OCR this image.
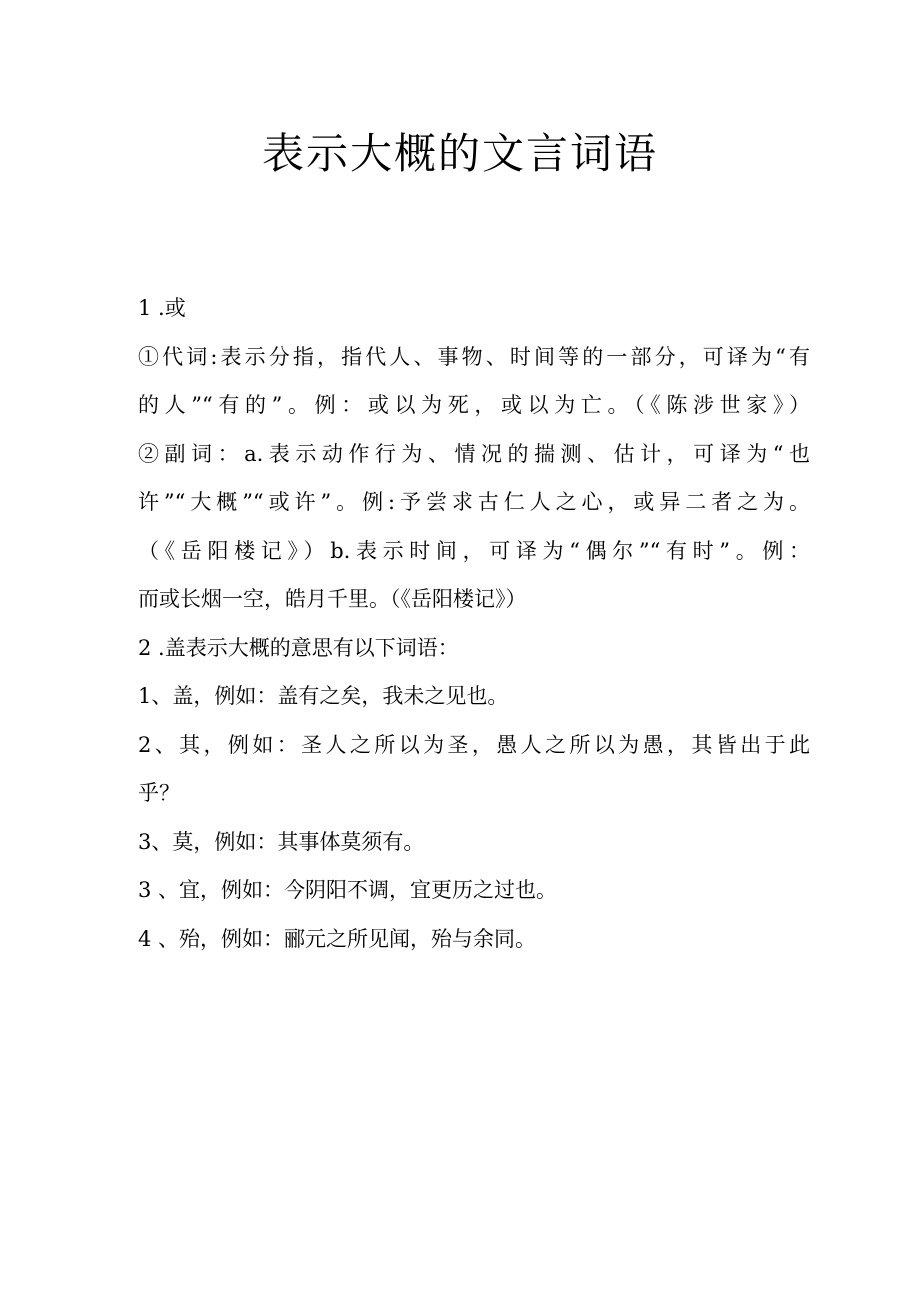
表示大概的文言词语
1 .或
①代词:表示分指，指代人、事物、时间等的一部分，可译为“有
的人”“有的”。例：或以为死，或以为亡。（《陈涉世家》）
②副词：a.表示动作行为、情况的揣测、估计，可译为“也
许”“大概”“或许”。例:予尝求古仁人之心，或异二者之为。
（《岳阳楼记》）b.表示时间，可译为“偶尔”“有时”。例：
而或长烟一空，皓月千里。（《岳阳楼记》）
2 .盖表示大概的意思有以下词语：
1、盖，例如：盖有之矣，我未之见也。
2、其，例如：圣人之所以为圣，愚人之所以为愚，其皆出于此
乎？
3、莫，例如：其事体莫须有。
3 、宜，例如：今阴阳不调，宜更历之过也。
4 、殆，例如：郦元之所见闻，殆与余同。
